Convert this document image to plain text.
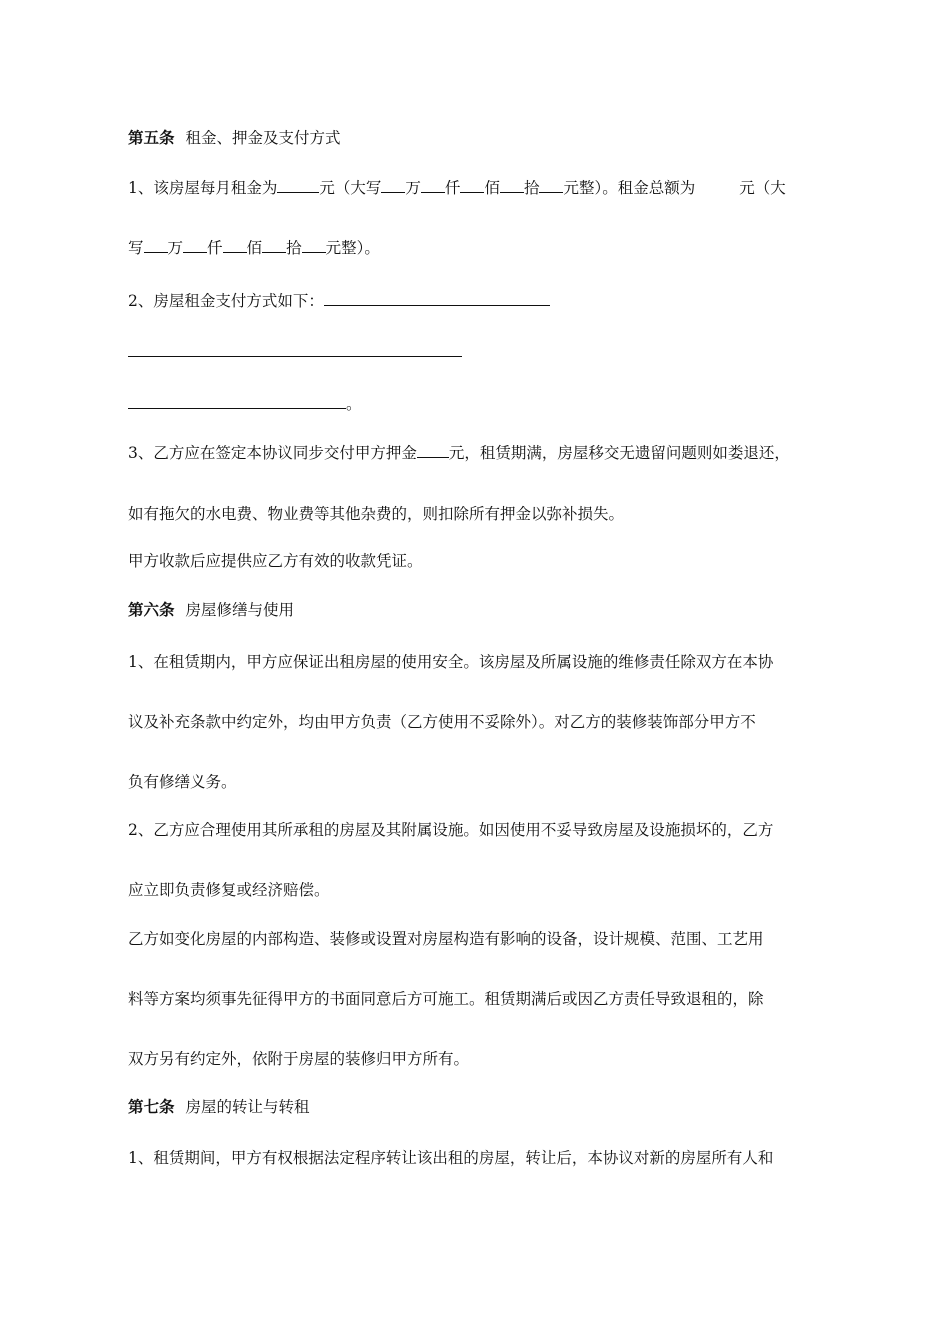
第五条 租金、押金及支付方式
1、该房屋每月租金为	元（大写 万 仟 佰 拾 元整）。租金总额为	元（大
写 万 仟 佰 拾 元整）。
2、房屋租金支付方式如下：
。
3、乙方应在签定本协议同步交付甲方押金 元，租赁期满，房屋移交无遗留问题则如娄退还，
如有拖欠的水电费、物业费等其他杂费的，则扣除所有押金以弥补损失。
甲方收款后应提供应乙方有效的收款凭证。
第六条 房屋修缮与使用
1、在租赁期内，甲方应保证出租房屋的使用安全。该房屋及所属设施的维修责任除双方在本协
议及补充条款中约定外，均由甲方负责（乙方使用不妥除外）。对乙方的装修装饰部分甲方不
负有修缮义务。
2、乙方应合理使用其所承租的房屋及其附属设施。如因使用不妥导致房屋及设施损坏的，乙方
应立即负责修复或经济赔偿。
乙方如变化房屋的内部构造、装修或设置对房屋构造有影响的设备，设计规模、范围、工艺用
料等方案均须事先征得甲方的书面同意后方可施工。租赁期满后或因乙方责任导致退租的，除
双方另有约定外，依附于房屋的装修归甲方所有。
第七条 房屋的转让与转租
1、租赁期间，甲方有权根据法定程序转让该出租的房屋，转让后，本协议对新的房屋所有人和
